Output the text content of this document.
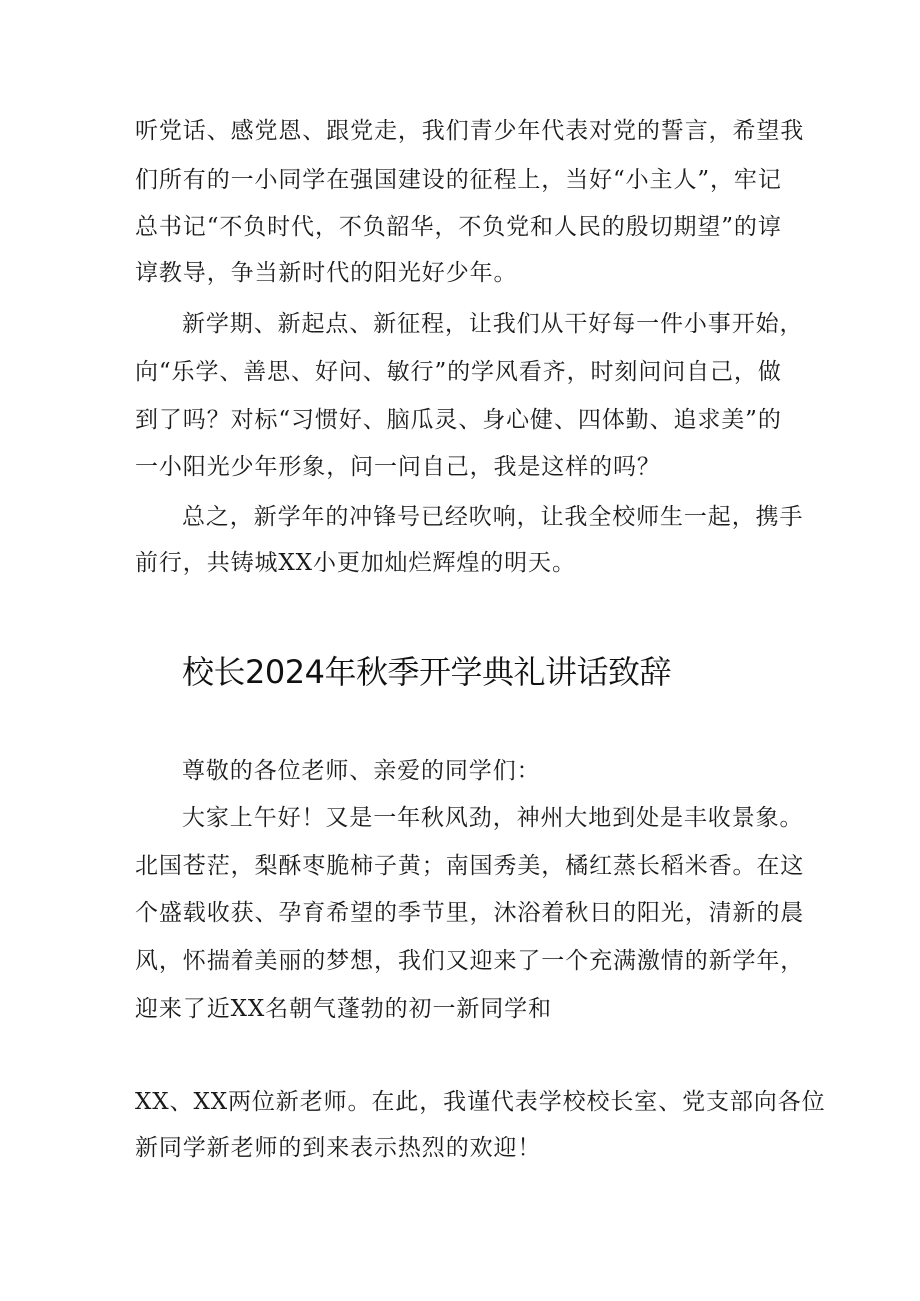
听党话、感党恩、跟党走，我们青少年代表对党的誓言，希望我
们所有的一小同学在强国建设的征程上，当好“小主人”，牢记
总书记“不负时代，不负韶华，不负党和人民的殷切期望”的谆
谆教导，争当新时代的阳光好少年。
新学期、新起点、新征程，让我们从干好每一件小事开始，
向“乐学、善思、好问、敏行”的学风看齐，时刻问问自己，做
到了吗？对标“习惯好、脑瓜灵、身心健、四体勤、追求美”的
一小阳光少年形象，问一问自己，我是这样的吗？
总之，新学年的冲锋号已经吹响，让我全校师生一起，携手
前行，共铸城XX小更加灿烂辉煌的明天。
校长2024年秋季开学典礼讲话致辞
尊敬的各位老师、亲爱的同学们：
大家上午好！又是一年秋风劲，神州大地到处是丰收景象。
北国苍茫，梨酥枣脆柿子黄；南国秀美，橘红蒸长稻米香。在这
个盛载收获、孕育希望的季节里，沐浴着秋日的阳光，清新的晨
风，怀揣着美丽的梦想，我们又迎来了一个充满激情的新学年，
迎来了近XX名朝气蓬勃的初一新同学和
XX、XX两位新老师。在此，我谨代表学校校长室、党支部向各位
新同学新老师的到来表示热烈的欢迎！
